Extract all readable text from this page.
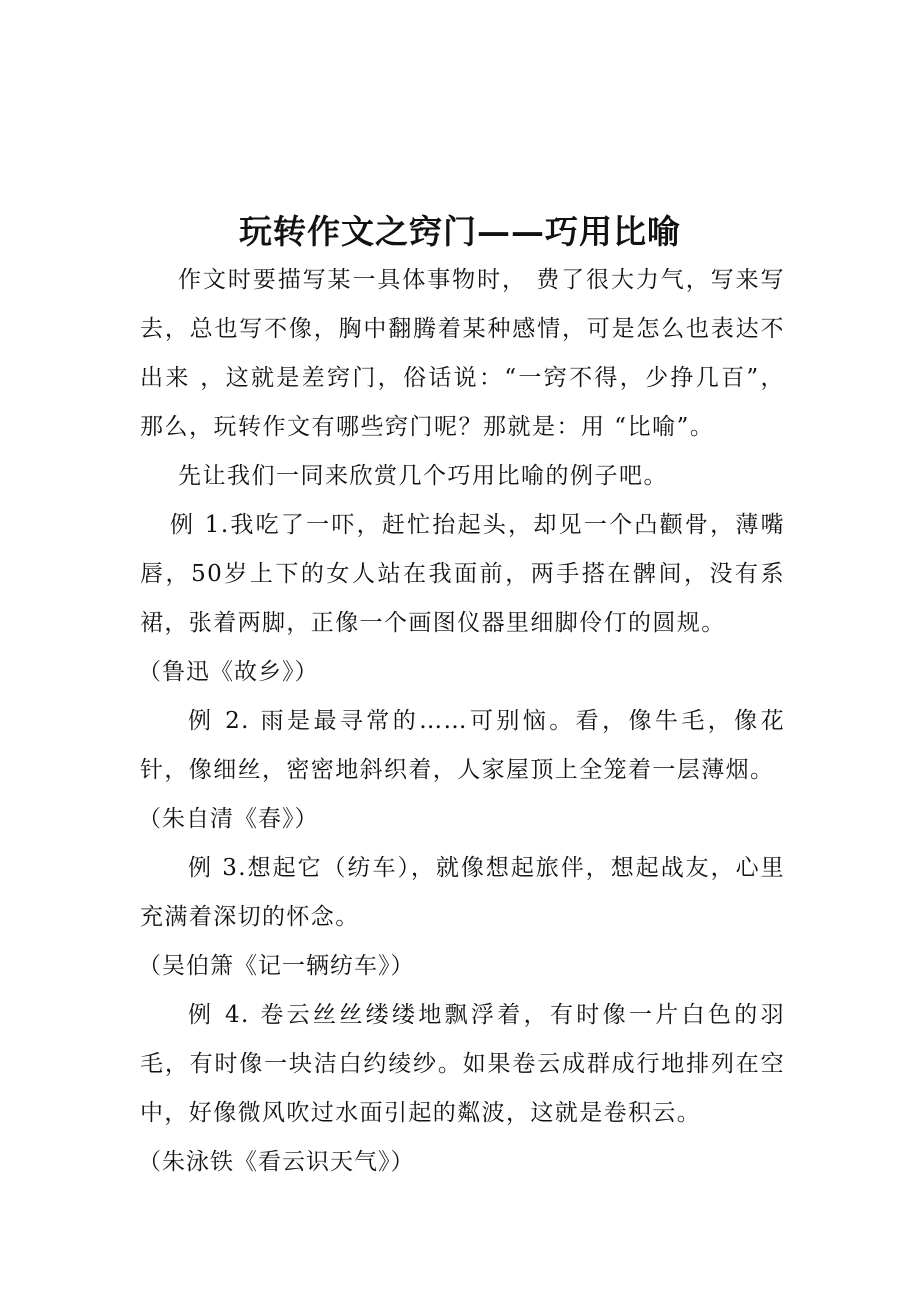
玩转作文之窍门——巧用比喻

作文时要描写某一具体事物时， 费了很大力气，写来写去，总也写不像，胸中翻腾着某种感情，可是怎么也表达不出来 ，这就是差窍门，俗话说：“一窍不得，少挣几百”，那么，玩转作文有哪些窍门呢？那就是：用 “比喻”。

先让我们一同来欣赏几个巧用比喻的例子吧。

例 1.我吃了一吓，赶忙抬起头，却见一个凸颧骨，薄嘴唇，50岁上下的女人站在我面前，两手搭在髀间，没有系裙，张着两脚，正像一个画图仪器里细脚伶仃的圆规。

（鲁迅《故乡》）

例 2. 雨是最寻常的……可别恼。看，像牛毛，像花针，像细丝，密密地斜织着，人家屋顶上全笼着一层薄烟。

（朱自清《春》）

例 3.想起它（纺车），就像想起旅伴，想起战友，心里充满着深切的怀念。

（吴伯箫《记一辆纺车》）

例 4. 卷云丝丝缕缕地飘浮着，有时像一片白色的羽毛，有时像一块洁白约绫纱。如果卷云成群成行地排列在空中，好像微风吹过水面引起的粼波，这就是卷积云。

（朱泳铁《看云识天气》）
